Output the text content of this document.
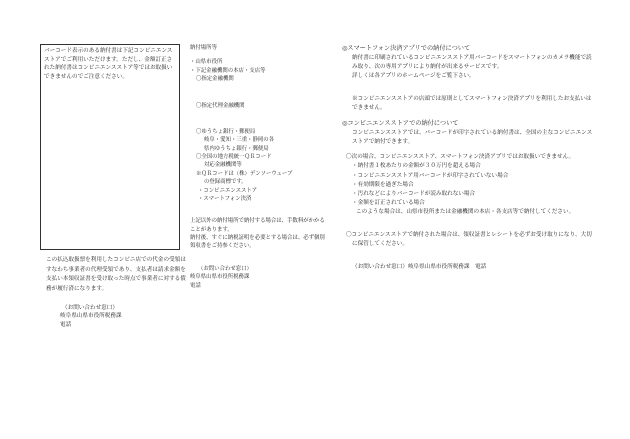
バーコード表示のある納付書は下記コンビニエンスストアでご利用いただけます。ただし、金額訂正された納付書はコンビニエンスストア等ではお取扱いできませんのでご注意ください。

この払込取扱票を利用したコンビニ店での代金の受領はすなわち事業者の代理受領であり、支払者は請求金額を支払い本領収証書を受け取った時点で事業者に対する債務が履行済になります。

（お問い合わせ窓口）

岐阜県山県市役所税務課

電話

納付場所等

・山県市役所

・下記金融機関の本店・支店等

〇指定金融機関

〇指定代理金融機関

〇ゆうちょ銀行・郵便局

岐阜・愛知・三重・静岡の各

県内ゆうちょ銀行・郵便局

〇全国の地方税統一ＱＲコード

対応金融機関等

※ＱＲコードは（株）デンソーウェーブ

の登録商標です。

・コンビニエンスストア

・スマートフォン決済

上記以外の納付場所で納付する場合は、手数料がかかることがあります。

納付後、すぐに納税証明を必要とする場合は、必ず個別領収書をご持参ください。

（お問い合わせ窓口）

岐阜県山県市役所税務課

電話

◎スマートフォン決済アプリでの納付について

納付書に印刷されているコンビニエンスストア用バーコードをスマートフォンのカメラ機能で読み取り、次の専用アプリにより納付が出来るサービスです。

詳しくは各アプリのホームページをご覧下さい。

※コンビニエンスストアの店頭では原則としてスマートフォン決済アプリを利用したお支払いはできません。

◎コンビニエンスストアでの納付について

コンビニエンスストアでは、バーコードが印字されている納付書は、全国の主なコンビニエンスストアで納付できます。

〇次の場合、コンビニエンスストア、スマートフォン決済アプリではお取扱いできません。

・納付書１枚あたりの金額が３０万円を超える場合

・コンビニエンスストア用バーコードが印字されていない場合

・有効期限を過ぎた場合

・汚れなどによりバーコードが読み取れない場合

・金額を訂正されている場合

このような場合は、山県市役所または金融機関の本店・各支店等で納付してください。

〇コンビニエンスストアで納付された場合は、領収証書とレシートを必ずお受け取りになり、大切に保管してください。

（お問い合わせ窓口）岐阜県山県市役所税務課　電話
